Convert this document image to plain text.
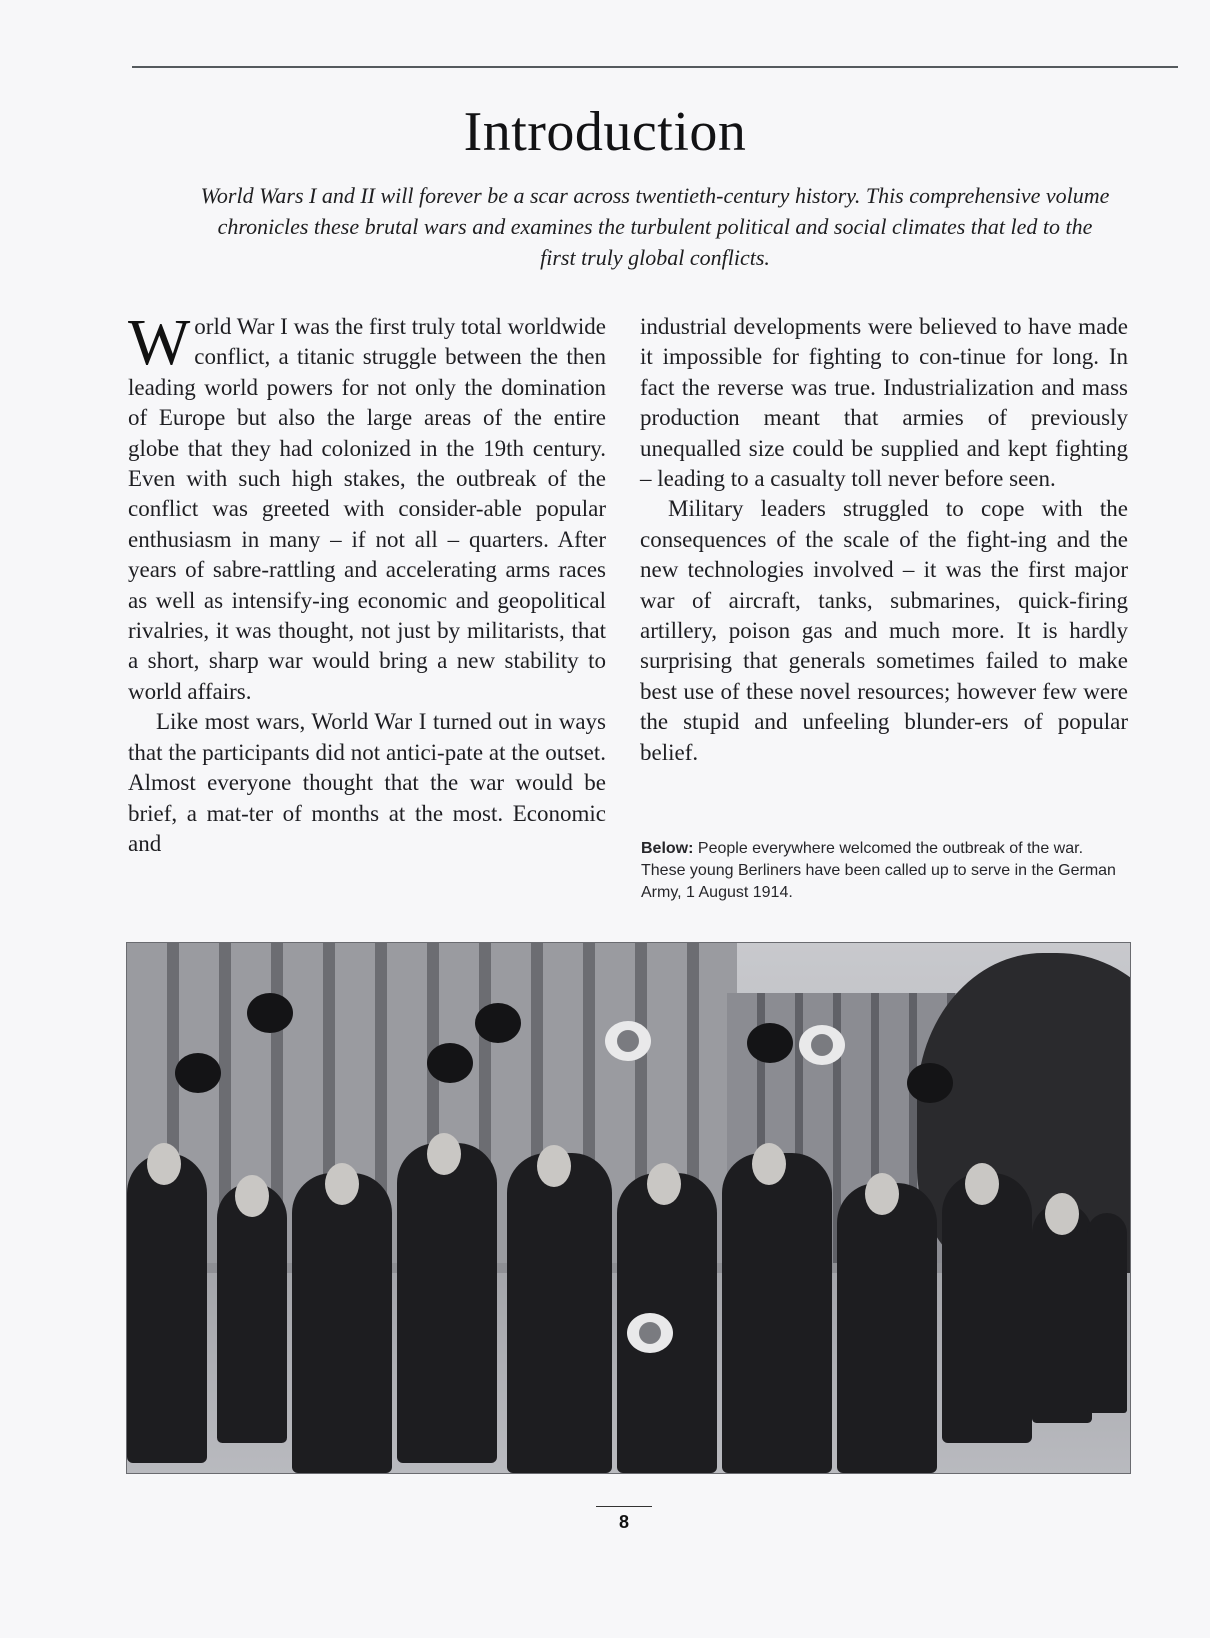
Introduction

World Wars I and II will forever be a scar across twentieth-century history. This comprehensive volume chronicles these brutal wars and examines the turbulent political and social climates that led to the first truly global conflicts.

World War I was the first truly total worldwide conflict, a titanic struggle between the then leading world powers for not only the domination of Europe but also the large areas of the entire globe that they had colonized in the 19th century. Even with such high stakes, the outbreak of the conflict was greeted with consider-able popular enthusiasm in many – if not all – quarters. After years of sabre-rattling and accelerating arms races as well as intensify-ing economic and geopolitical rivalries, it was thought, not just by militarists, that a short, sharp war would bring a new stability to world affairs.

Like most wars, World War I turned out in ways that the participants did not antici-pate at the outset. Almost everyone thought that the war would be brief, a mat-ter of months at the most. Economic and

industrial developments were believed to have made it impossible for fighting to con-tinue for long. In fact the reverse was true. Industrialization and mass production meant that armies of previously unequalled size could be supplied and kept fighting – leading to a casualty toll never before seen.

Military leaders struggled to cope with the consequences of the scale of the fight-ing and the new technologies involved – it was the first major war of aircraft, tanks, submarines, quick-firing artillery, poison gas and much more. It is hardly surprising that generals sometimes failed to make best use of these novel resources; however few were the stupid and unfeeling blunder-ers of popular belief.

Below: People everywhere welcomed the outbreak of the war. These young Berliners have been called up to serve in the German Army, 1 August 1914.
8
